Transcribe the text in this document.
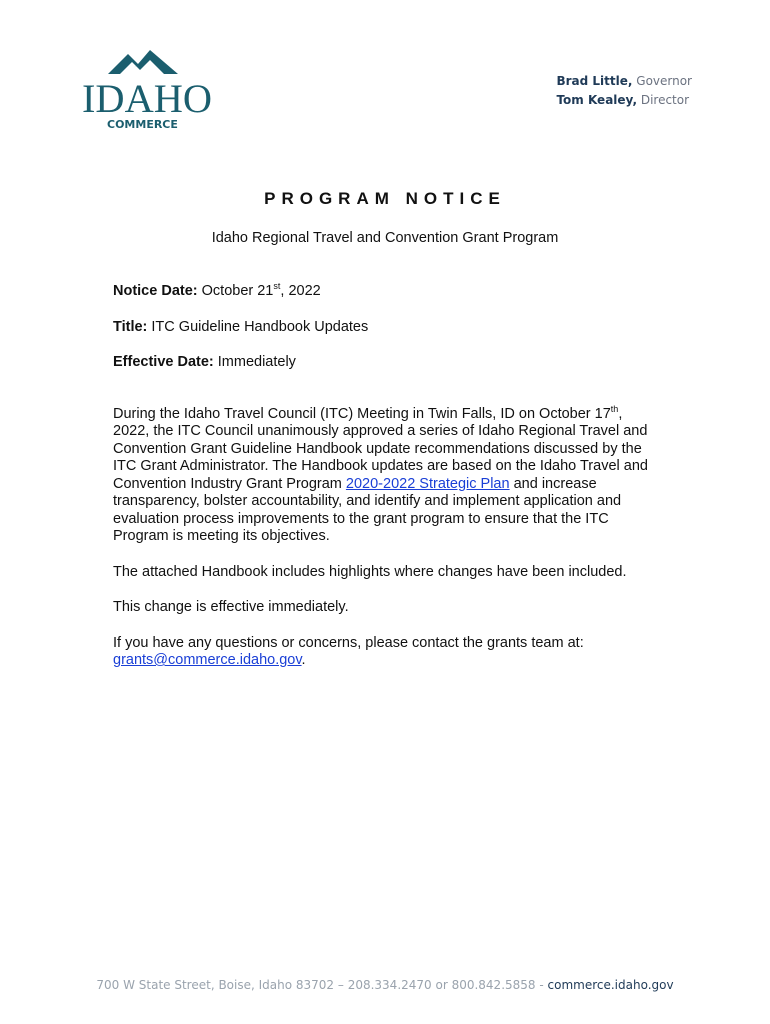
IDAHO
COMMERCE
Brad Little, Governor
Tom Kealey, Director
PROGRAM NOTICE
Idaho Regional Travel and Convention Grant Program

Notice Date: October 21st, 2022

Title: ITC Guideline Handbook Updates

Effective Date: Immediately

During the Idaho Travel Council (ITC) Meeting in Twin Falls, ID on October 17th, 2022, the ITC Council unanimously approved a series of Idaho Regional Travel and Convention Grant Guideline Handbook update recommendations discussed by the ITC Grant Administrator. The Handbook updates are based on the Idaho Travel and Convention Industry Grant Program 2020-2022 Strategic Plan and increase transparency, bolster accountability, and identify and implement application and evaluation process improvements to the grant program to ensure that the ITC Program is meeting its objectives.

The attached Handbook includes highlights where changes have been included.

This change is effective immediately.

If you have any questions or concerns, please contact the grants team at: grants@commerce.idaho.gov.

700 W State Street, Boise, Idaho 83702 – 208.334.2470 or 800.842.5858 - commerce.idaho.gov
